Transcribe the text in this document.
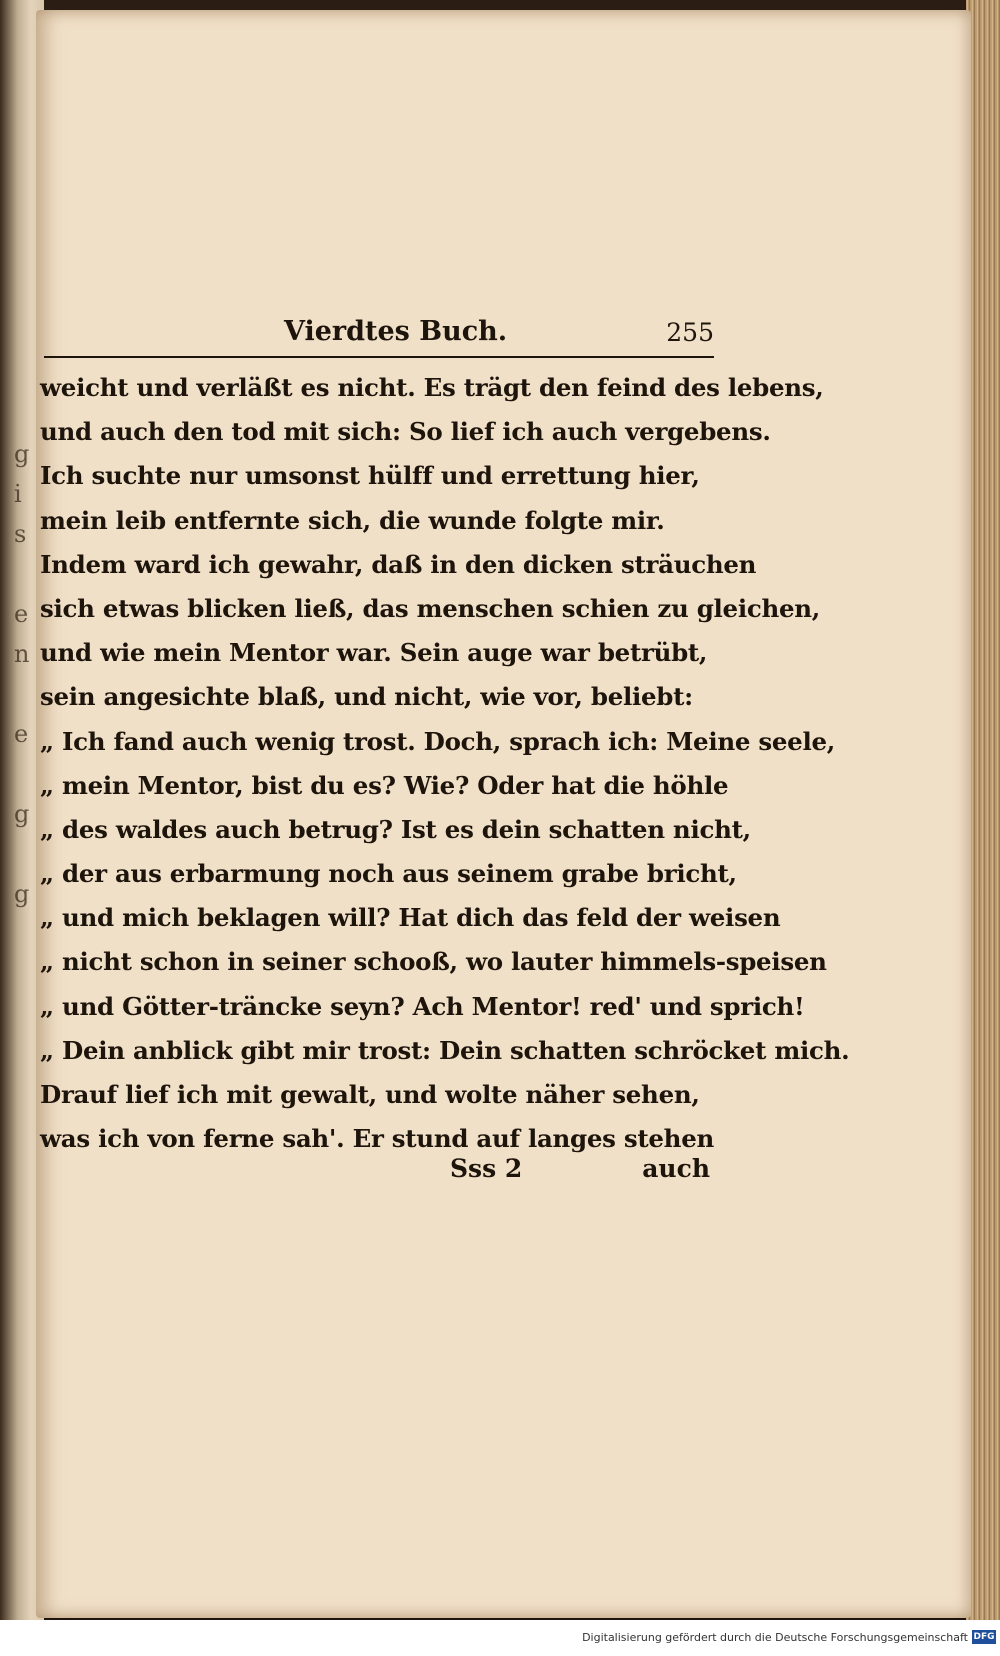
g
i
s
e
n
e
g
g
Vierdtes Buch.	255
weicht und verläßt es nicht. Es trägt den feind des lebens,
und auch den tod mit sich: So lief ich auch vergebens.
Ich suchte nur umsonst hülff und errettung hier,
mein leib entfernte sich, die wunde folgte mir.
Indem ward ich gewahr, daß in den dicken sträuchen
sich etwas blicken ließ, das menschen schien zu gleichen,
und wie mein Mentor war. Sein auge war betrübt,
sein angesichte blaß, und nicht, wie vor, beliebt:
„ Ich fand auch wenig trost. Doch, sprach ich: Meine seele,
„ mein Mentor, bist du es? Wie? Oder hat die höhle
„ des waldes auch betrug? Ist es dein schatten nicht,
„ der aus erbarmung noch aus seinem grabe bricht,
„ und mich beklagen will? Hat dich das feld der weisen
„ nicht schon in seiner schooß, wo lauter himmels-speisen
„ und Götter-träncke seyn? Ach Mentor! red' und sprich!
„ Dein anblick gibt mir trost: Dein schatten schröcket mich.
Drauf lief ich mit gewalt, und wolte näher sehen,
was ich von ferne sah'. Er stund auf langes stehen
Sss 2	auch
Digitalisierung gefördert durch die Deutsche Forschungsgemeinschaft DFG
